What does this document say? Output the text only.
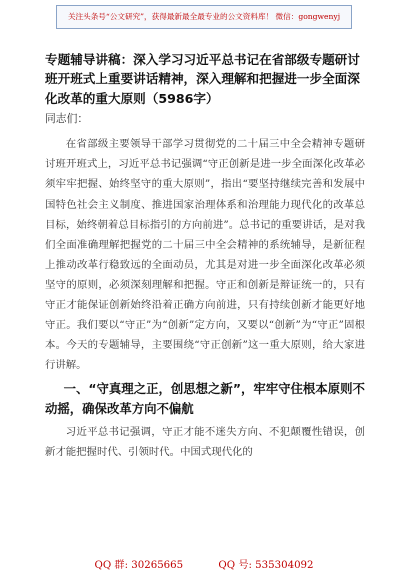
关注头条号“公文研究”，获得最新最全最专业的公文资料库！ 微信：gongwenyj
专题辅导讲稿：深入学习习近平总书记在省部级专题研讨班开班式上重要讲话精神，深入理解和把握进一步全面深化改革的重大原则（5986字）

同志们：

在省部级主要领导干部学习贯彻党的二十届三中全会精神专题研讨班开班式上，习近平总书记强调“守正创新是进一步全面深化改革必须牢牢把握、始终坚守的重大原则”，指出“要坚持继续完善和发展中国特色社会主义制度、推进国家治理体系和治理能力现代化的改革总目标，始终朝着总目标指引的方向前进”。总书记的重要讲话，是对我们全面准确理解把握党的二十届三中全会精神的系统辅导，是新征程上推动改革行稳致远的全面动员，尤其是对进一步全面深化改革必须坚守的原则，必须深刻理解和把握。守正和创新是辩证统一的，只有守正才能保证创新始终沿着正确方向前进，只有持续创新才能更好地守正。我们要以“守正”为“创新”定方向，又要以“创新”为“守正”固根本。今天的专题辅导，主要围绕“守正创新”这一重大原则，给大家进行讲解。

一、“守真理之正，创思想之新”，牢牢守住根本原则不动摇，确保改革方向不偏航

习近平总书记强调，守正才能不迷失方向、不犯颠覆性错误，创新才能把握时代、引领时代。中国式现代化的

QQ 群: 30265665	QQ 号: 535304092
